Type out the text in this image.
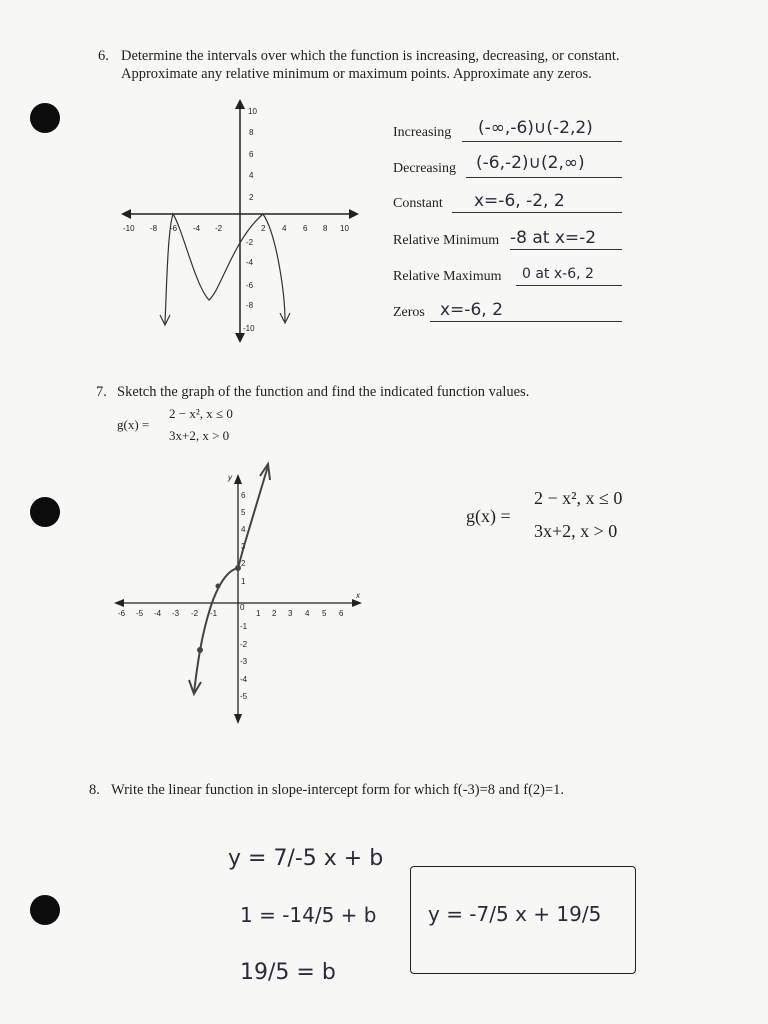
6. Determine the intervals over which the function is increasing, decreasing, or constant.
Approximate any relative minimum or maximum points. Approximate any zeros.
-10 -8 -6 -4 -2	2 4 6 8 10
10
8
6
4
2
-2
-4
-6
-8
-10
Increasing (-∞,-6)∪(-2,2)
Decreasing (-6,-2)∪(2,∞)
Constant x=-6, -2, 2
Relative Minimum -8 at x=-2
Relative Maximum 0 at x-6, 2
Zeros x=-6, 2
7. Sketch the graph of the function and find the indicated function values.
g(x) =
2 − x², x ≤ 0
3x+2, x > 0
x
y
-6 -5 -4 -3 -2 -1
0
1 2 3 4 5 6
6
5
4
3
2
1
-1
-2
-3
-4
-5
g(x) =
2 − x², x ≤ 0
3x+2, x > 0
8. Write the linear function in slope-intercept form for which f(-3)=8 and f(2)=1.
y = 7/-5 x + b
1 = -14/5 + b
19/5 = b
y = -7/5 x + 19/5
